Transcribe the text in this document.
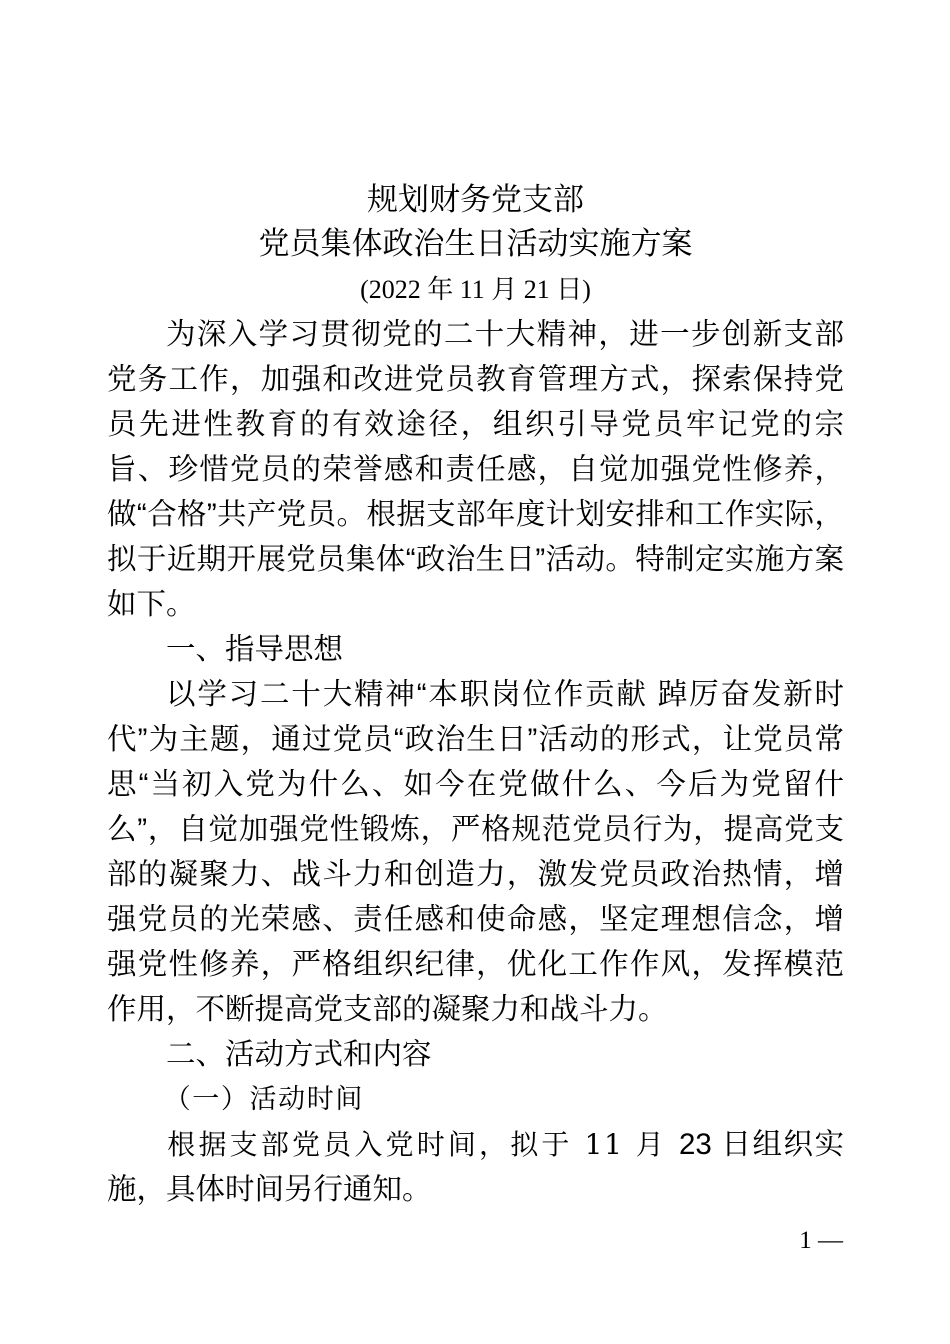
规划财务党支部
党员集体政治生日活动实施方案
(2022 年 11 月 21 日)

为深入学习贯彻党的二十大精神，进一步创新支部党务工作，加强和改进党员教育管理方式，探索保持党员先进性教育的有效途径，组织引导党员牢记党的宗旨、珍惜党员的荣誉感和责任感，自觉加强党性修养，做“合格”共产党员。根据支部年度计划安排和工作实际，拟于近期开展党员集体“政治生日”活动。特制定实施方案如下。

一、指导思想

以学习二十大精神“本职岗位作贡献 踔厉奋发新时代”为主题，通过党员“政治生日”活动的形式，让党员常思“当初入党为什么、如今在党做什么、今后为党留什么”，自觉加强党性锻炼，严格规范党员行为，提高党支部的凝聚力、战斗力和创造力，激发党员政治热情，增强党员的光荣感、责任感和使命感，坚定理想信念，增强党性修养，严格组织纪律，优化工作作风，发挥模范作用，不断提高党支部的凝聚力和战斗力。

二、活动方式和内容

（一）活动时间

根据支部党员入党时间，拟于 11 月 23 日组织实施，具体时间另行通知。

1 —
